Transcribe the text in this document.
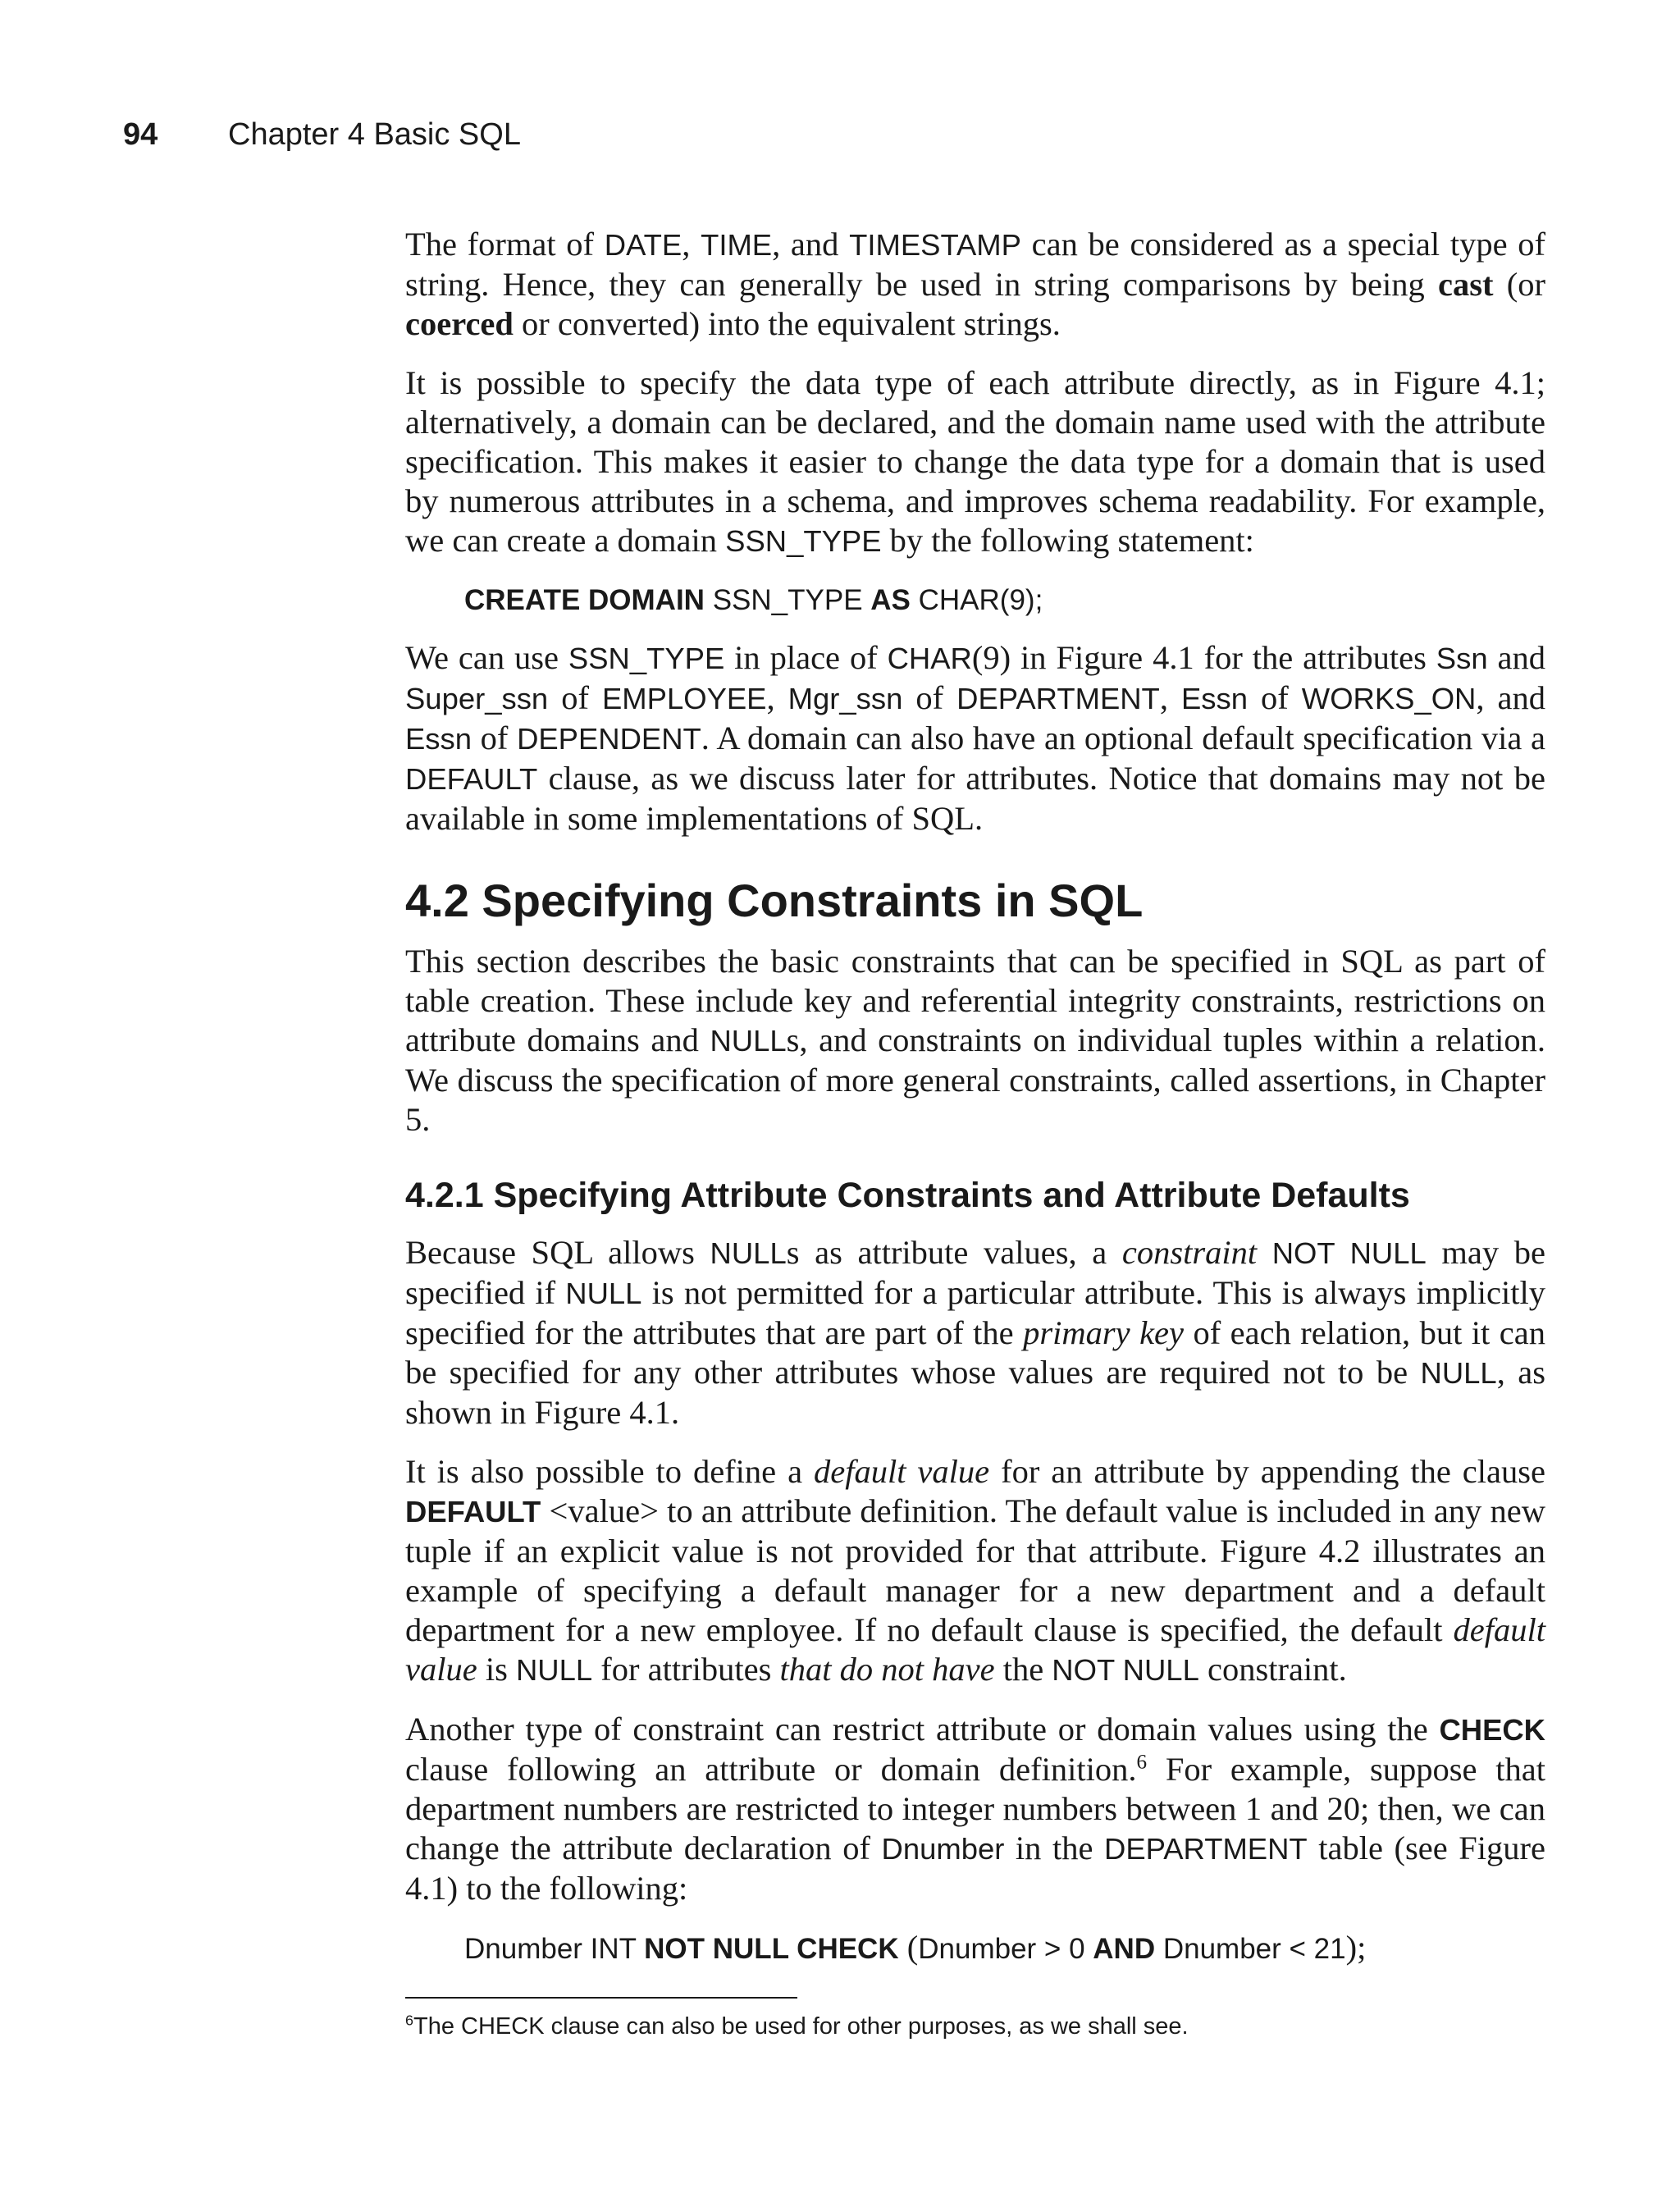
94 Chapter 4 Basic SQL

The format of DATE, TIME, and TIMESTAMP can be considered as a special type of string. Hence, they can generally be used in string comparisons by being cast (or coerced or converted) into the equivalent strings.

It is possible to specify the data type of each attribute directly, as in Figure 4.1; alternatively, a domain can be declared, and the domain name used with the attribute specification. This makes it easier to change the data type for a domain that is used by numerous attributes in a schema, and improves schema readability. For example, we can create a domain SSN_TYPE by the following statement:

CREATE DOMAIN SSN_TYPE AS CHAR(9);

We can use SSN_TYPE in place of CHAR(9) in Figure 4.1 for the attributes Ssn and Super_ssn of EMPLOYEE, Mgr_ssn of DEPARTMENT, Essn of WORKS_ON, and Essn of DEPENDENT. A domain can also have an optional default specification via a DEFAULT clause, as we discuss later for attributes. Notice that domains may not be available in some implementations of SQL.

4.2 Specifying Constraints in SQL

This section describes the basic constraints that can be specified in SQL as part of table creation. These include key and referential integrity constraints, restrictions on attribute domains and NULLs, and constraints on individual tuples within a relation. We discuss the specification of more general constraints, called assertions, in Chapter 5.

4.2.1 Specifying Attribute Constraints and Attribute Defaults

Because SQL allows NULLs as attribute values, a constraint NOT NULL may be specified if NULL is not permitted for a particular attribute. This is always implicitly specified for the attributes that are part of the primary key of each relation, but it can be specified for any other attributes whose values are required not to be NULL, as shown in Figure 4.1.

It is also possible to define a default value for an attribute by appending the clause DEFAULT <value> to an attribute definition. The default value is included in any new tuple if an explicit value is not provided for that attribute. Figure 4.2 illustrates an example of specifying a default manager for a new department and a default department for a new employee. If no default clause is specified, the default default value is NULL for attributes that do not have the NOT NULL constraint.

Another type of constraint can restrict attribute or domain values using the CHECK clause following an attribute or domain definition.$^6$ For example, suppose that department numbers are restricted to integer numbers between 1 and 20; then, we can change the attribute declaration of Dnumber in the DEPARTMENT table (see Figure 4.1) to the following:

Dnumber INT NOT NULL CHECK (Dnumber > 0 AND Dnumber < 21);
$^6$The CHECK clause can also be used for other purposes, as we shall see.
